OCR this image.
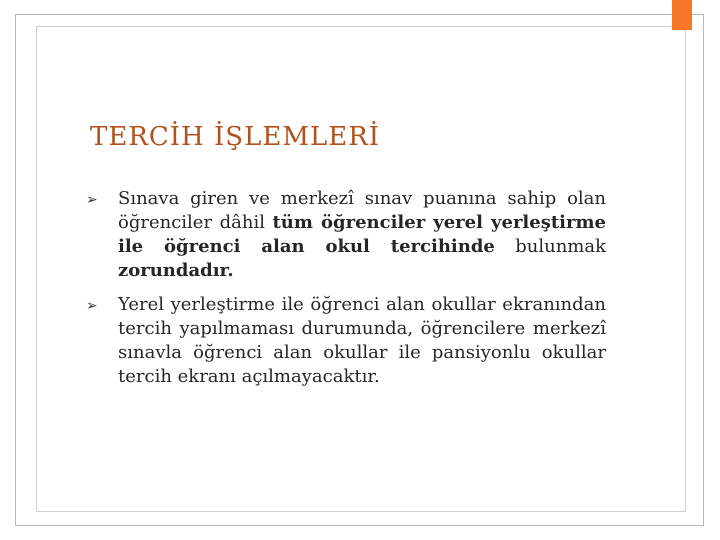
TERCİH İŞLEMLERİ
➢ Sınava giren ve merkezî sınav puanına sahip olan öğrenciler dâhil tüm öğrenciler yerel yerleştirme ile öğrenci alan okul tercihinde bulunmak zorundadır.
➢ Yerel yerleştirme ile öğrenci alan okullar ekranından tercih yapılmaması durumunda, öğrencilere merkezî sınavla öğrenci alan okullar ile pansiyonlu okullar tercih ekranı açılmayacaktır.
